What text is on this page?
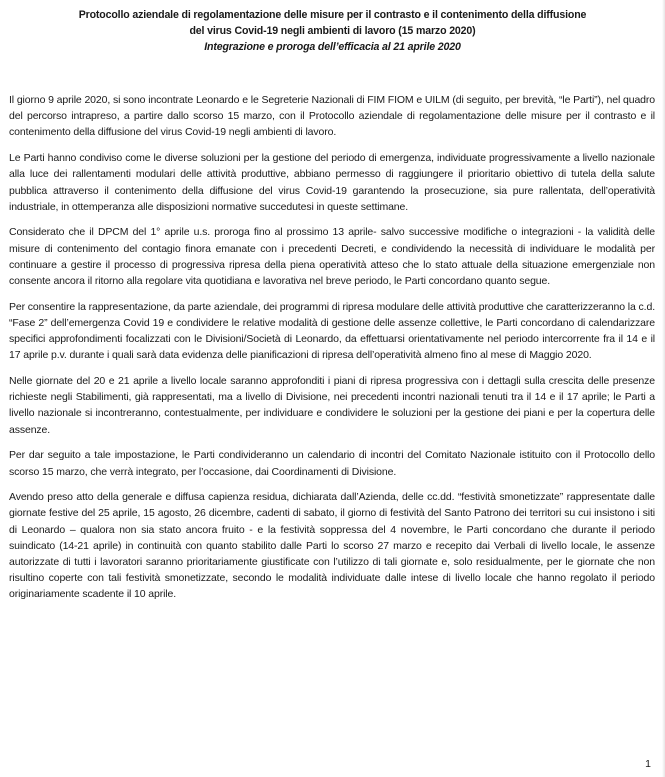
Protocollo aziendale di regolamentazione delle misure per il contrasto e il contenimento della diffusione
del virus Covid-19 negli ambienti di lavoro (15 marzo 2020)
Integrazione e proroga dell’efficacia al 21 aprile 2020

Il giorno 9 aprile 2020, si sono incontrate Leonardo e le Segreterie Nazionali di FIM FIOM e UILM (di seguito, per brevità, “le Parti”), nel quadro del percorso intrapreso, a partire dallo scorso 15 marzo, con il Protocollo aziendale di regolamentazione delle misure per il contrasto e il contenimento della diffusione del virus Covid-19 negli ambienti di lavoro.

Le Parti hanno condiviso come le diverse soluzioni per la gestione del periodo di emergenza, individuate progressivamente a livello nazionale alla luce dei rallentamenti modulari delle attività produttive, abbiano permesso di raggiungere il prioritario obiettivo di tutela della salute pubblica attraverso il contenimento della diffusione del virus Covid-19 garantendo la prosecuzione, sia pure rallentata, dell’operatività industriale, in ottemperanza alle disposizioni normative succedutesi in queste settimane.

Considerato che il DPCM del 1° aprile u.s. proroga fino al prossimo 13 aprile- salvo successive modifiche o integrazioni - la validità delle misure di contenimento del contagio finora emanate con i precedenti Decreti, e condividendo la necessità di individuare le modalità per continuare a gestire il processo di progressiva ripresa della piena operatività atteso che lo stato attuale della situazione emergenziale non consente ancora il ritorno alla regolare vita quotidiana e lavorativa nel breve periodo, le Parti concordano quanto segue.

Per consentire la rappresentazione, da parte aziendale, dei programmi di ripresa modulare delle attività produttive che caratterizzeranno la c.d. “Fase 2” dell’emergenza Covid 19 e condividere le relative modalità di gestione delle assenze collettive, le Parti concordano di calendarizzare specifici approfondimenti focalizzati con le Divisioni/Società di Leonardo, da effettuarsi orientativamente nel periodo intercorrente fra il 14 e il 17 aprile p.v. durante i quali sarà data evidenza delle pianificazioni di ripresa dell’operatività almeno fino al mese di Maggio 2020.

Nelle giornate del 20 e 21 aprile a livello locale saranno approfonditi i piani di ripresa progressiva con i dettagli sulla crescita delle presenze richieste negli Stabilimenti, già rappresentati, ma a livello di Divisione, nei precedenti incontri nazionali tenuti tra il 14 e il 17 aprile; le Parti a livello nazionale si incontreranno, contestualmente, per individuare e condividere le soluzioni per la gestione dei piani e per la copertura delle assenze.

Per dar seguito a tale impostazione, le Parti condivideranno un calendario di incontri del Comitato Nazionale istituito con il Protocollo dello scorso 15 marzo, che verrà integrato, per l’occasione, dai Coordinamenti di Divisione.

Avendo preso atto della generale e diffusa capienza residua, dichiarata dall’Azienda, delle cc.dd. “festività smonetizzate” rappresentate dalle giornate festive del 25 aprile, 15 agosto, 26 dicembre, cadenti di sabato, il giorno di festività del Santo Patrono dei territori su cui insistono i siti di Leonardo – qualora non sia stato ancora fruito - e la festività soppressa del 4 novembre, le Parti concordano che durante il periodo suindicato (14-21 aprile) in continuità con quanto stabilito dalle Parti lo scorso 27 marzo e recepito dai Verbali di livello locale, le assenze autorizzate di tutti i lavoratori saranno prioritariamente giustificate con l’utilizzo di tali giornate e, solo residualmente, per le giornate che non risultino coperte con tali festività smonetizzate, secondo le modalità individuate dalle intese di livello locale che hanno regolato il periodo originariamente scadente il 10 aprile.

1
